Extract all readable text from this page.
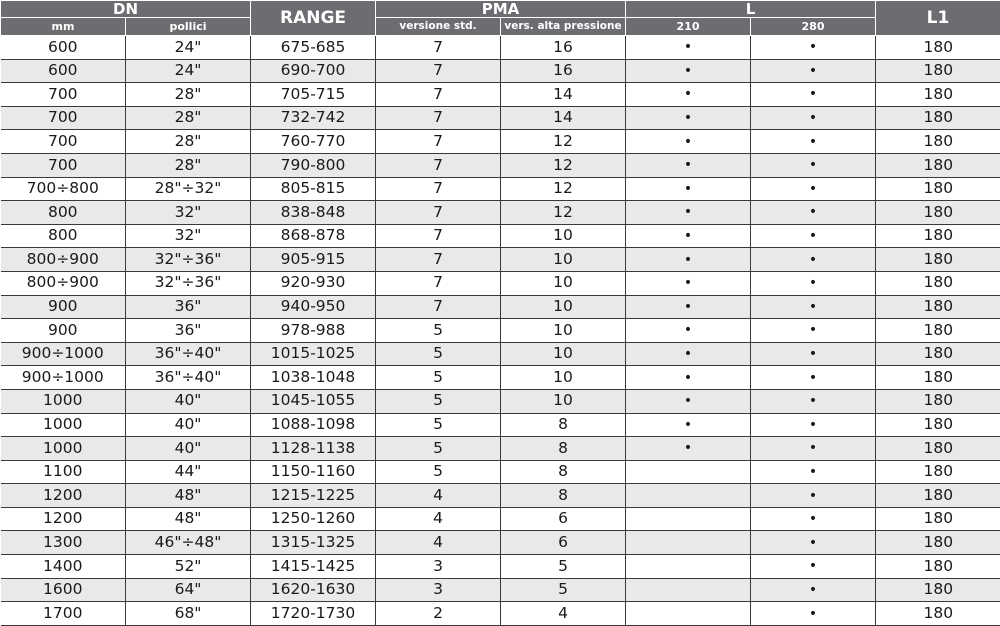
DN		RANGE	PMA		L		L1
mm	pollici		versione std.	vers. alta pressione	210	280	
600	24"	675-685	7	16	•	•	180
600	24"	690-700	7	16	•	•	180
700	28"	705-715	7	14	•	•	180
700	28"	732-742	7	14	•	•	180
700	28"	760-770	7	12	•	•	180
700	28"	790-800	7	12	•	•	180
700÷800	28"÷32"	805-815	7	12	•	•	180
800	32"	838-848	7	12	•	•	180
800	32"	868-878	7	10	•	•	180
800÷900	32"÷36"	905-915	7	10	•	•	180
800÷900	32"÷36"	920-930	7	10	•	•	180
900	36"	940-950	7	10	•	•	180
900	36"	978-988	5	10	•	•	180
900÷1000	36"÷40"	1015-1025	5	10	•	•	180
900÷1000	36"÷40"	1038-1048	5	10	•	•	180
1000	40"	1045-1055	5	10	•	•	180
1000	40"	1088-1098	5	8	•	•	180
1000	40"	1128-1138	5	8	•	•	180
1100	44"	1150-1160	5	8		•	180
1200	48"	1215-1225	4	8		•	180
1200	48"	1250-1260	4	6		•	180
1300	46"÷48"	1315-1325	4	6		•	180
1400	52"	1415-1425	3	5		•	180
1600	64"	1620-1630	3	5		•	180
1700	68"	1720-1730	2	4		•	180
